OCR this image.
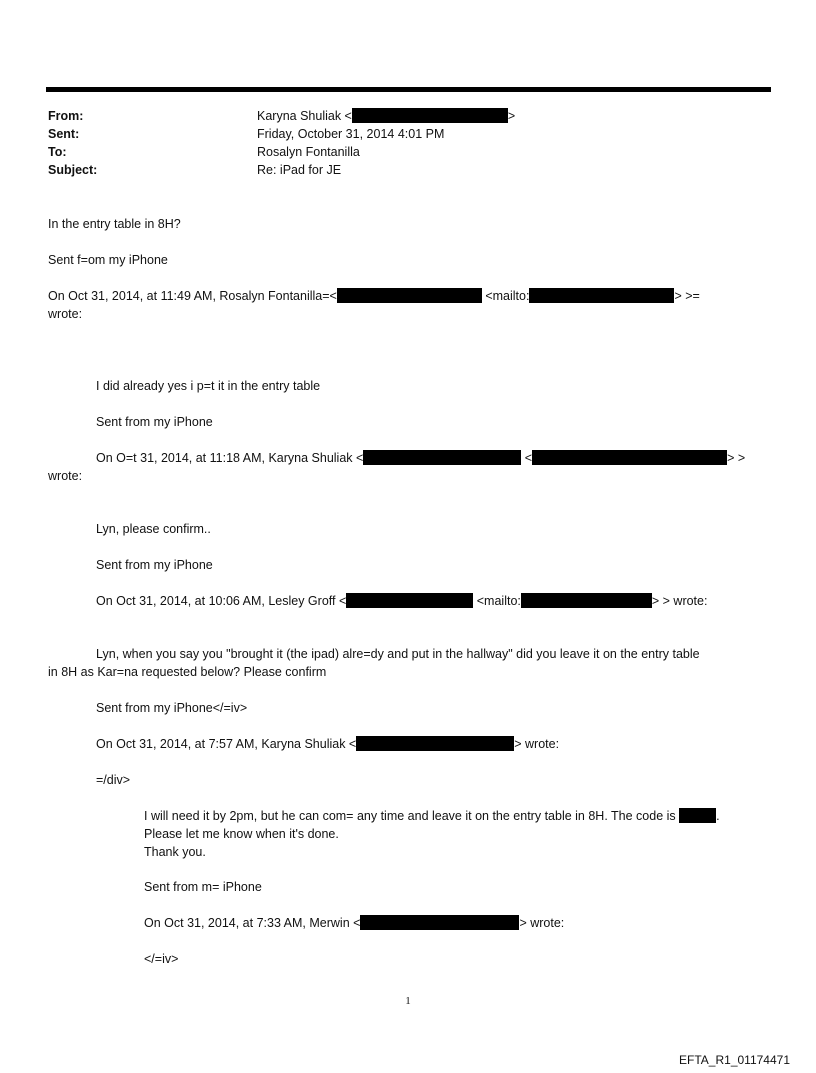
From:	Karyna Shuliak <	>
Sent:	Friday, October 31, 2014 4:01 PM
To:	Rosalyn Fontanilla
Subject:	Re: iPad for JE
In the entry table in 8H?
Sent f=om my iPhone
On Oct 31, 2014, at 11:49 AM, Rosalyn Fontanilla=<	<mailto:	> >=
wrote:
I did already yes i p=t it in the entry table
Sent from my iPhone
On O=t 31, 2014, at 11:18 AM, Karyna Shuliak <	<	> >
wrote:
Lyn, please confirm..
Sent from my iPhone
On Oct 31, 2014, at 10:06 AM, Lesley Groff <	<mailto:	> > wrote:
Lyn, when you say you "brought it (the ipad) alre=dy and put in the hallway" did you leave it on the entry table
in 8H as Kar=na requested below? Please confirm
Sent from my iPhone</=iv>
On Oct 31, 2014, at 7:57 AM, Karyna Shuliak <	> wrote:
=/div>
I will need it by 2pm, but he can com= any time and leave it on the entry table in 8H. The code is	.
Please let me know when it's done.
Thank you.
Sent from m= iPhone
On Oct 31, 2014, at 7:33 AM, Merwin <	> wrote:
</=iv>
1
EFTA_R1_01174471
